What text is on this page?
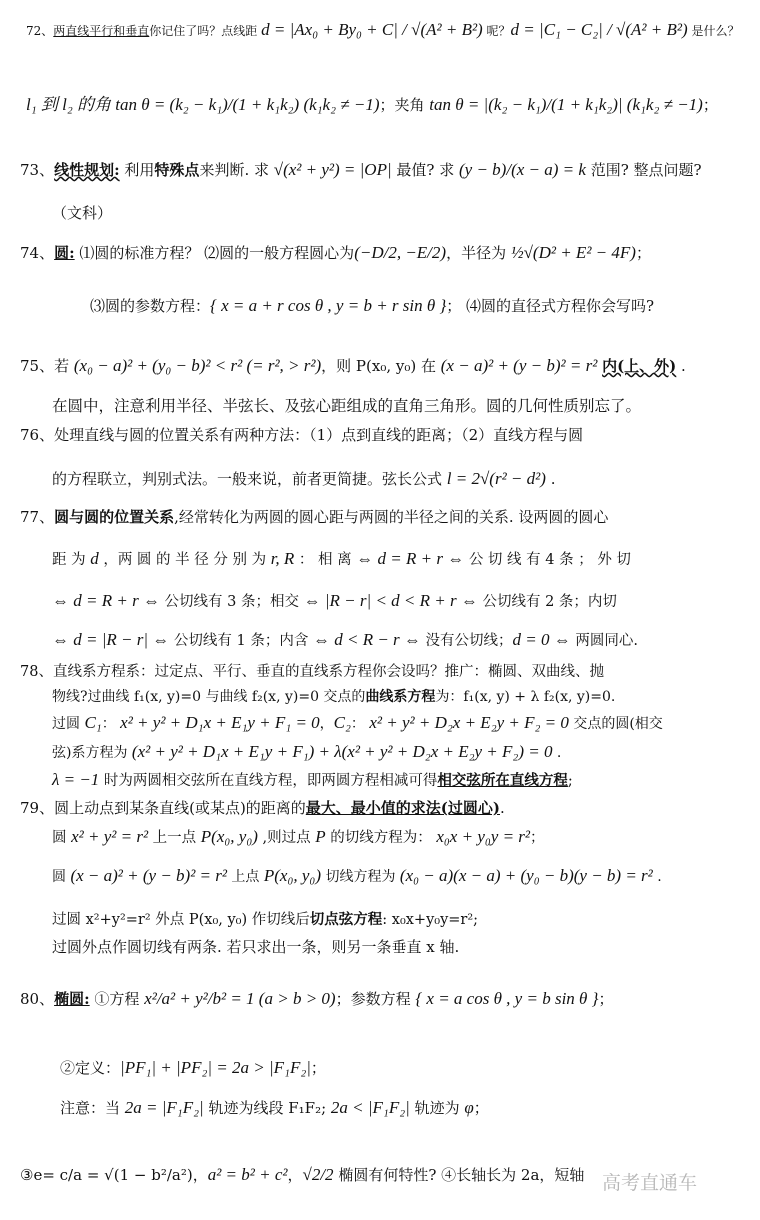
72、两直线平行和垂直你记住了吗？点线距 d = |Ax₀ + By₀ + C| / √(A² + B²) 呢？d = |C₁ − C₂| / √(A² + B²) 是什么？
l₁ 到 l₂ 的角 tan θ = (k₂ − k₁)/(1 + k₁k₂) (k₁k₂ ≠ −1)；夹角 tan θ = |(k₂ − k₁)/(1 + k₁k₂)| (k₁k₂ ≠ −1)；
73、线性规划: 利用特殊点来判断. 求 √(x² + y²) = |OP| 最值? 求 (y − b)/(x − a) = k 范围? 整点问题?
（文科）
74、圆: ⑴圆的标准方程？ ⑵圆的一般方程圆心为(−D/2, −E/2)，半径为 ½√(D² + E² − 4F)；
⑶圆的参数方程：{ x = a + r cos θ , y = b + r sin θ }； ⑷圆的直径式方程你会写吗?
75、若 (x₀ − a)² + (y₀ − b)² < r² (= r², > r²)，则 P(x₀, y₀) 在 (x − a)² + (y − b)² = r² 内(上、外) .
在圆中，注意利用半径、半弦长、及弦心距组成的直角三角形。圆的几何性质别忘了。
76、处理直线与圆的位置关系有两种方法：（1）点到直线的距离；（2）直线方程与圆
的方程联立，判别式法。一般来说，前者更简捷。弦长公式 l = 2√(r² − d²) .
77、圆与圆的位置关系,经常转化为两圆的圆心距与两圆的半径之间的关系. 设两圆的圆心
距 为 d ，两 圆 的 半 径 分 别 为 r, R ： 相 离 ⇔ d = R + r ⇔ 公 切 线 有 4 条 ； 外 切
⇔ d = R + r ⇔ 公切线有 3 条；相交 ⇔ |R − r| < d < R + r ⇔ 公切线有 2 条；内切
⇔ d = |R − r| ⇔ 公切线有 1 条；内含 ⇔ d < R − r ⇔ 没有公切线；d = 0 ⇔ 两圆同心.
78、直线系方程系：过定点、平行、垂直的直线系方程你会设吗？推广：椭圆、双曲线、抛
物线?过曲线 f₁(x, y)=0 与曲线 f₂(x, y)=0 交点的曲线系方程为：f₁(x, y) + λ f₂(x, y)=0.
过圆 C₁： x² + y² + D₁x + E₁y + F₁ = 0，C₂： x² + y² + D₂x + E₂y + F₂ = 0 交点的圆(相交
弦)系方程为 (x² + y² + D₁x + E₁y + F₁) + λ(x² + y² + D₂x + E₂y + F₂) = 0 .
λ = −1 时为两圆相交弦所在直线方程，即两圆方程相减可得相交弦所在直线方程;
79、圆上动点到某条直线(或某点)的距离的最大、最小值的求法(过圆心).
圆 x² + y² = r² 上一点 P(x₀, y₀) ,则过点 P 的切线方程为： x₀x + y₀y = r²；
圆 (x − a)² + (y − b)² = r² 上点 P(x₀, y₀) 切线方程为 (x₀ − a)(x − a) + (y₀ − b)(y − b) = r² .
过圆 x²+y²=r² 外点 P(x₀, y₀) 作切线后切点弦方程: x₀x+y₀y=r²;
过圆外点作圆切线有两条. 若只求出一条，则另一条垂直 x 轴.
80、椭圆: ①方程 x²/a² + y²/b² = 1 (a > b > 0)；参数方程 { x = a cos θ , y = b sin θ }；
②定义：|PF₁| + |PF₂| = 2a > |F₁F₂|；
注意：当 2a = |F₁F₂| 轨迹为线段 F₁F₂; 2a < |F₁F₂| 轨迹为 φ；
③e= c/a = √(1 − b²/a²)，a² = b² + c²，√2/2 椭圆有何特性? ④长轴长为 2a，短轴 高考直通车
